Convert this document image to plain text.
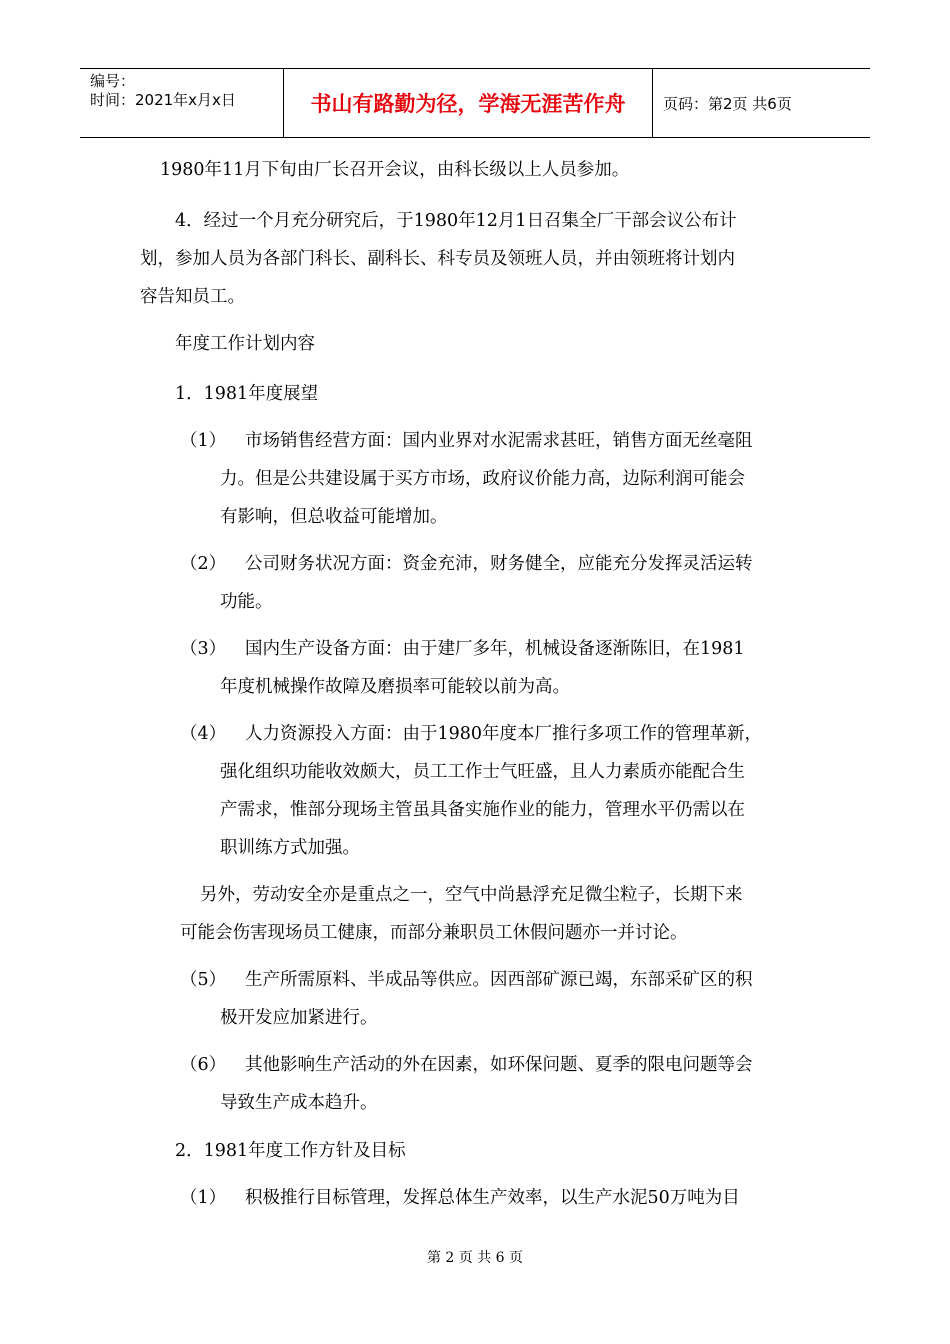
编号：
时间：2021年x月x日	书山有路勤为径，学海无涯苦作舟	页码：第2页 共6页
1980年11月下旬由厂长召开会议，由科长级以上人员参加。
4．经过一个月充分研究后，于1980年12月1日召集全厂干部会议公布计
划，参加人员为各部门科长、副科长、科专员及领班人员，并由领班将计划内
容告知员工。
年度工作计划内容
1．1981年度展望
（1） 市场销售经营方面：国内业界对水泥需求甚旺，销售方面无丝毫阻
力。但是公共建设属于买方市场，政府议价能力高，边际利润可能会
有影响，但总收益可能增加。
（2） 公司财务状况方面：资金充沛，财务健全，应能充分发挥灵活运转
功能。
（3） 国内生产设备方面：由于建厂多年，机械设备逐渐陈旧，在1981
年度机械操作故障及磨损率可能较以前为高。
（4） 人力资源投入方面：由于1980年度本厂推行多项工作的管理革新，
强化组织功能收效颇大，员工工作士气旺盛，且人力素质亦能配合生
产需求，惟部分现场主管虽具备实施作业的能力，管理水平仍需以在
职训练方式加强。
另外，劳动安全亦是重点之一，空气中尚悬浮充足微尘粒子，长期下来
可能会伤害现场员工健康，而部分兼职员工休假问题亦一并讨论。
（5） 生产所需原料、半成品等供应。因西部矿源已竭，东部采矿区的积
极开发应加紧进行。
（6） 其他影响生产活动的外在因素，如环保问题、夏季的限电问题等会
导致生产成本趋升。
2．1981年度工作方针及目标
（1） 积极推行目标管理，发挥总体生产效率，以生产水泥50万吨为目
第 2 页 共 6 页
